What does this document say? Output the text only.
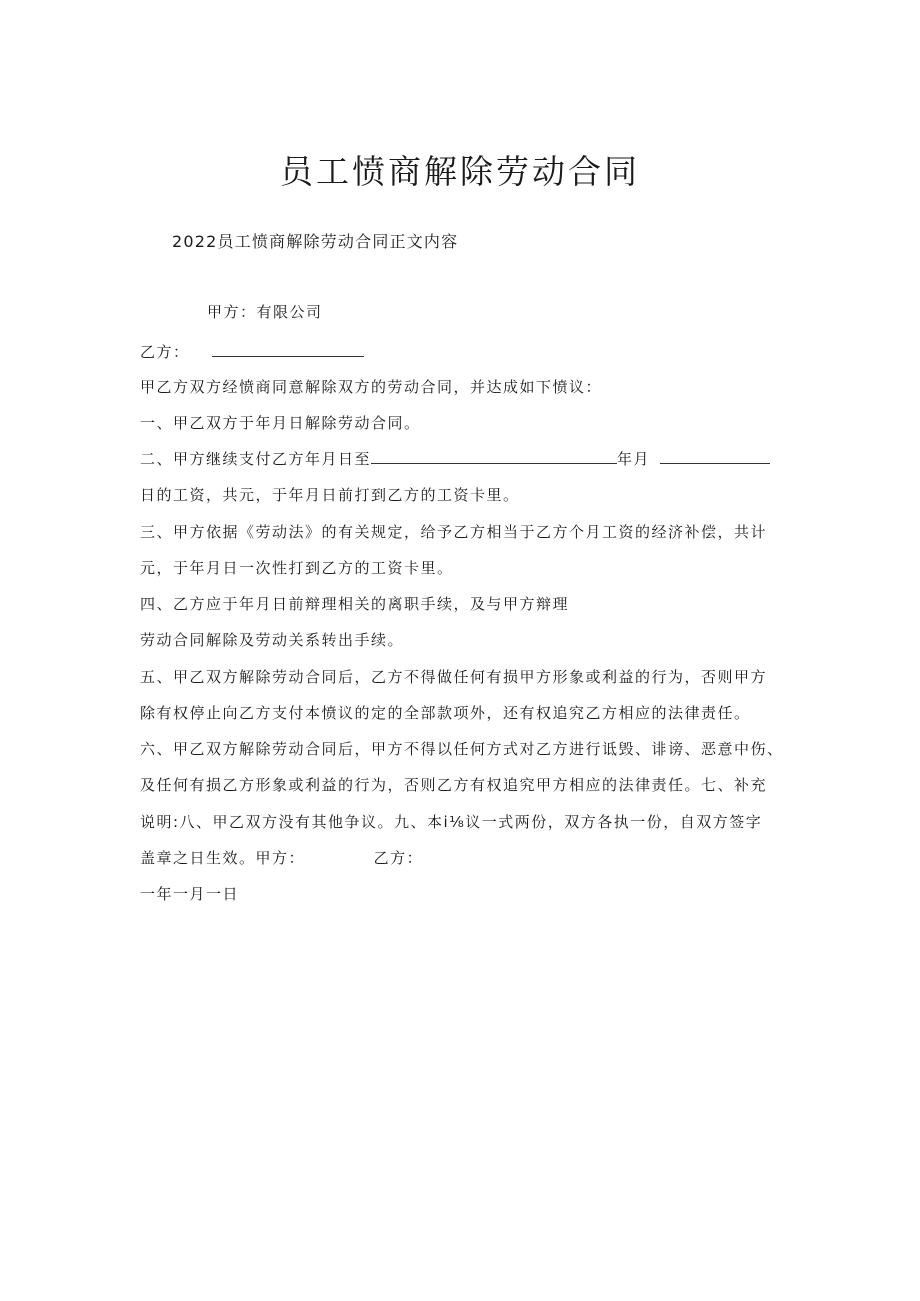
员工愤商解除劳动合同
2022员工愤商解除劳动合同正文内容
甲方：有限公司
乙方：
甲乙方双方经愤商同意解除双方的劳动合同，并达成如下愤议：
一、甲乙双方于年月日解除劳动合同。
二、甲方继续支付乙方年月日至	年月
日的工资，共元，于年月日前打到乙方的工资卡里。
三、甲方依据《劳动法》的有关规定，给予乙方相当于乙方个月工资的经济补偿，共计
元，于年月日一次性打到乙方的工资卡里。
四、乙方应于年月日前辩理相关的离职手续，及与甲方辩理
劳动合同解除及劳动关系转出手续。
五、甲乙双方解除劳动合同后，乙方不得做任何有损甲方形象或利益的行为，否则甲方
除有权停止向乙方支付本愤议的定的全部款项外，还有权追究乙方相应的法律责任。
六、甲乙双方解除劳动合同后，甲方不得以任何方式对乙方进行诋毁、诽谤、恶意中伤、
及任何有损乙方形象或利益的行为，否则乙方有权追究甲方相应的法律责任。七、补充
说明:八、甲乙双方没有其他争议。九、本i⅛议一式两份，双方各执一份，自双方签字
盖章之日生效。甲方：	乙方：
一年一月一日
